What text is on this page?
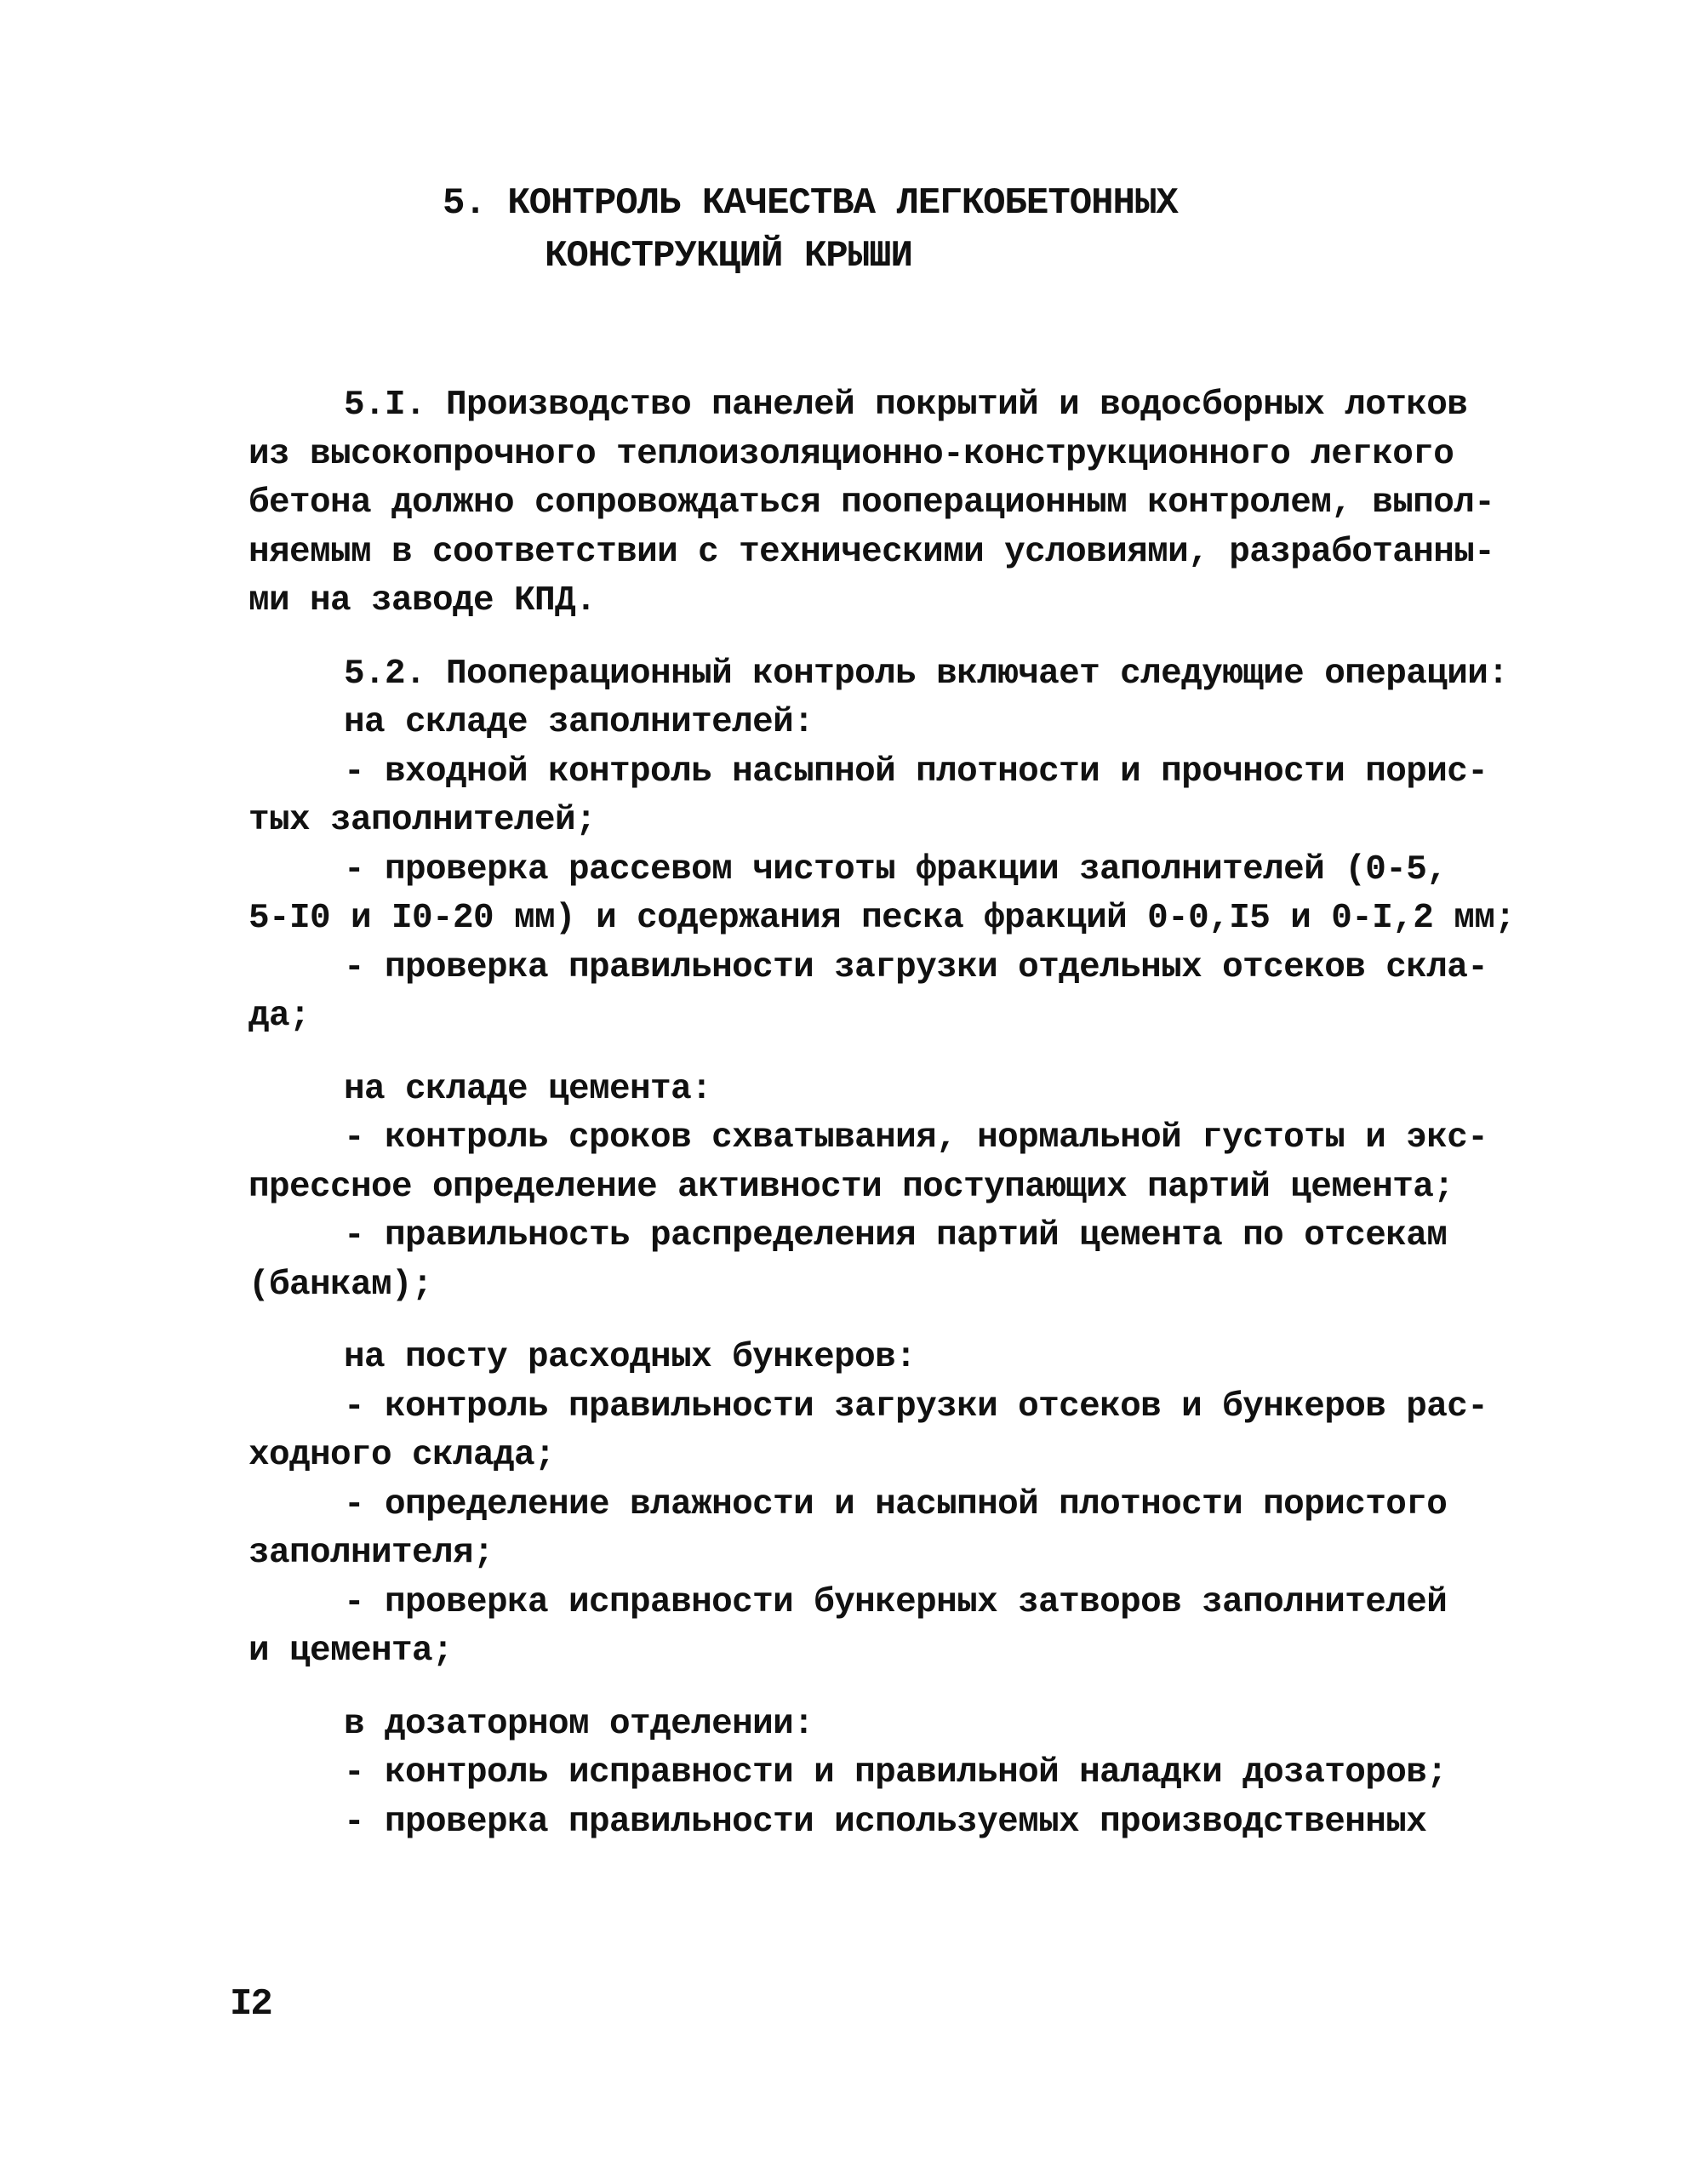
5. КОНТРОЛЬ КАЧЕСТВА ЛЕГКОБЕТОННЫХ
КОНСТРУКЦИЙ КРЫШИ
5.I. Производство панелей покрытий и водосборных лотков
из высокопрочного теплоизоляционно-конструкционного легкого
бетона должно сопровождаться пооперационным контролем, выпол-
няемым в соответствии с техническими условиями, разработанны-
ми на заводе КПД.
5.2. Пооперационный контроль включает следующие операции:
на складе заполнителей:
- входной контроль насыпной плотности и прочности порис-
тых заполнителей;
- проверка рассевом чистоты фракции заполнителей (0-5,
5-I0 и I0-20 мм) и содержания песка фракций 0-0,I5 и 0-I,2 мм;
- проверка правильности загрузки отдельных отсеков скла-
да;
на складе цемента:
- контроль сроков схватывания, нормальной густоты и экс-
прессное определение активности поступающих партий цемента;
- правильность распределения партий цемента по отсекам
(банкам);
на посту расходных бункеров:
- контроль правильности загрузки отсеков и бункеров рас-
ходного склада;
- определение влажности и насыпной плотности пористого
заполнителя;
- проверка исправности бункерных затворов заполнителей
и цемента;
в дозаторном отделении:
- контроль исправности и правильной наладки дозаторов;
- проверка правильности используемых производственных
I2
